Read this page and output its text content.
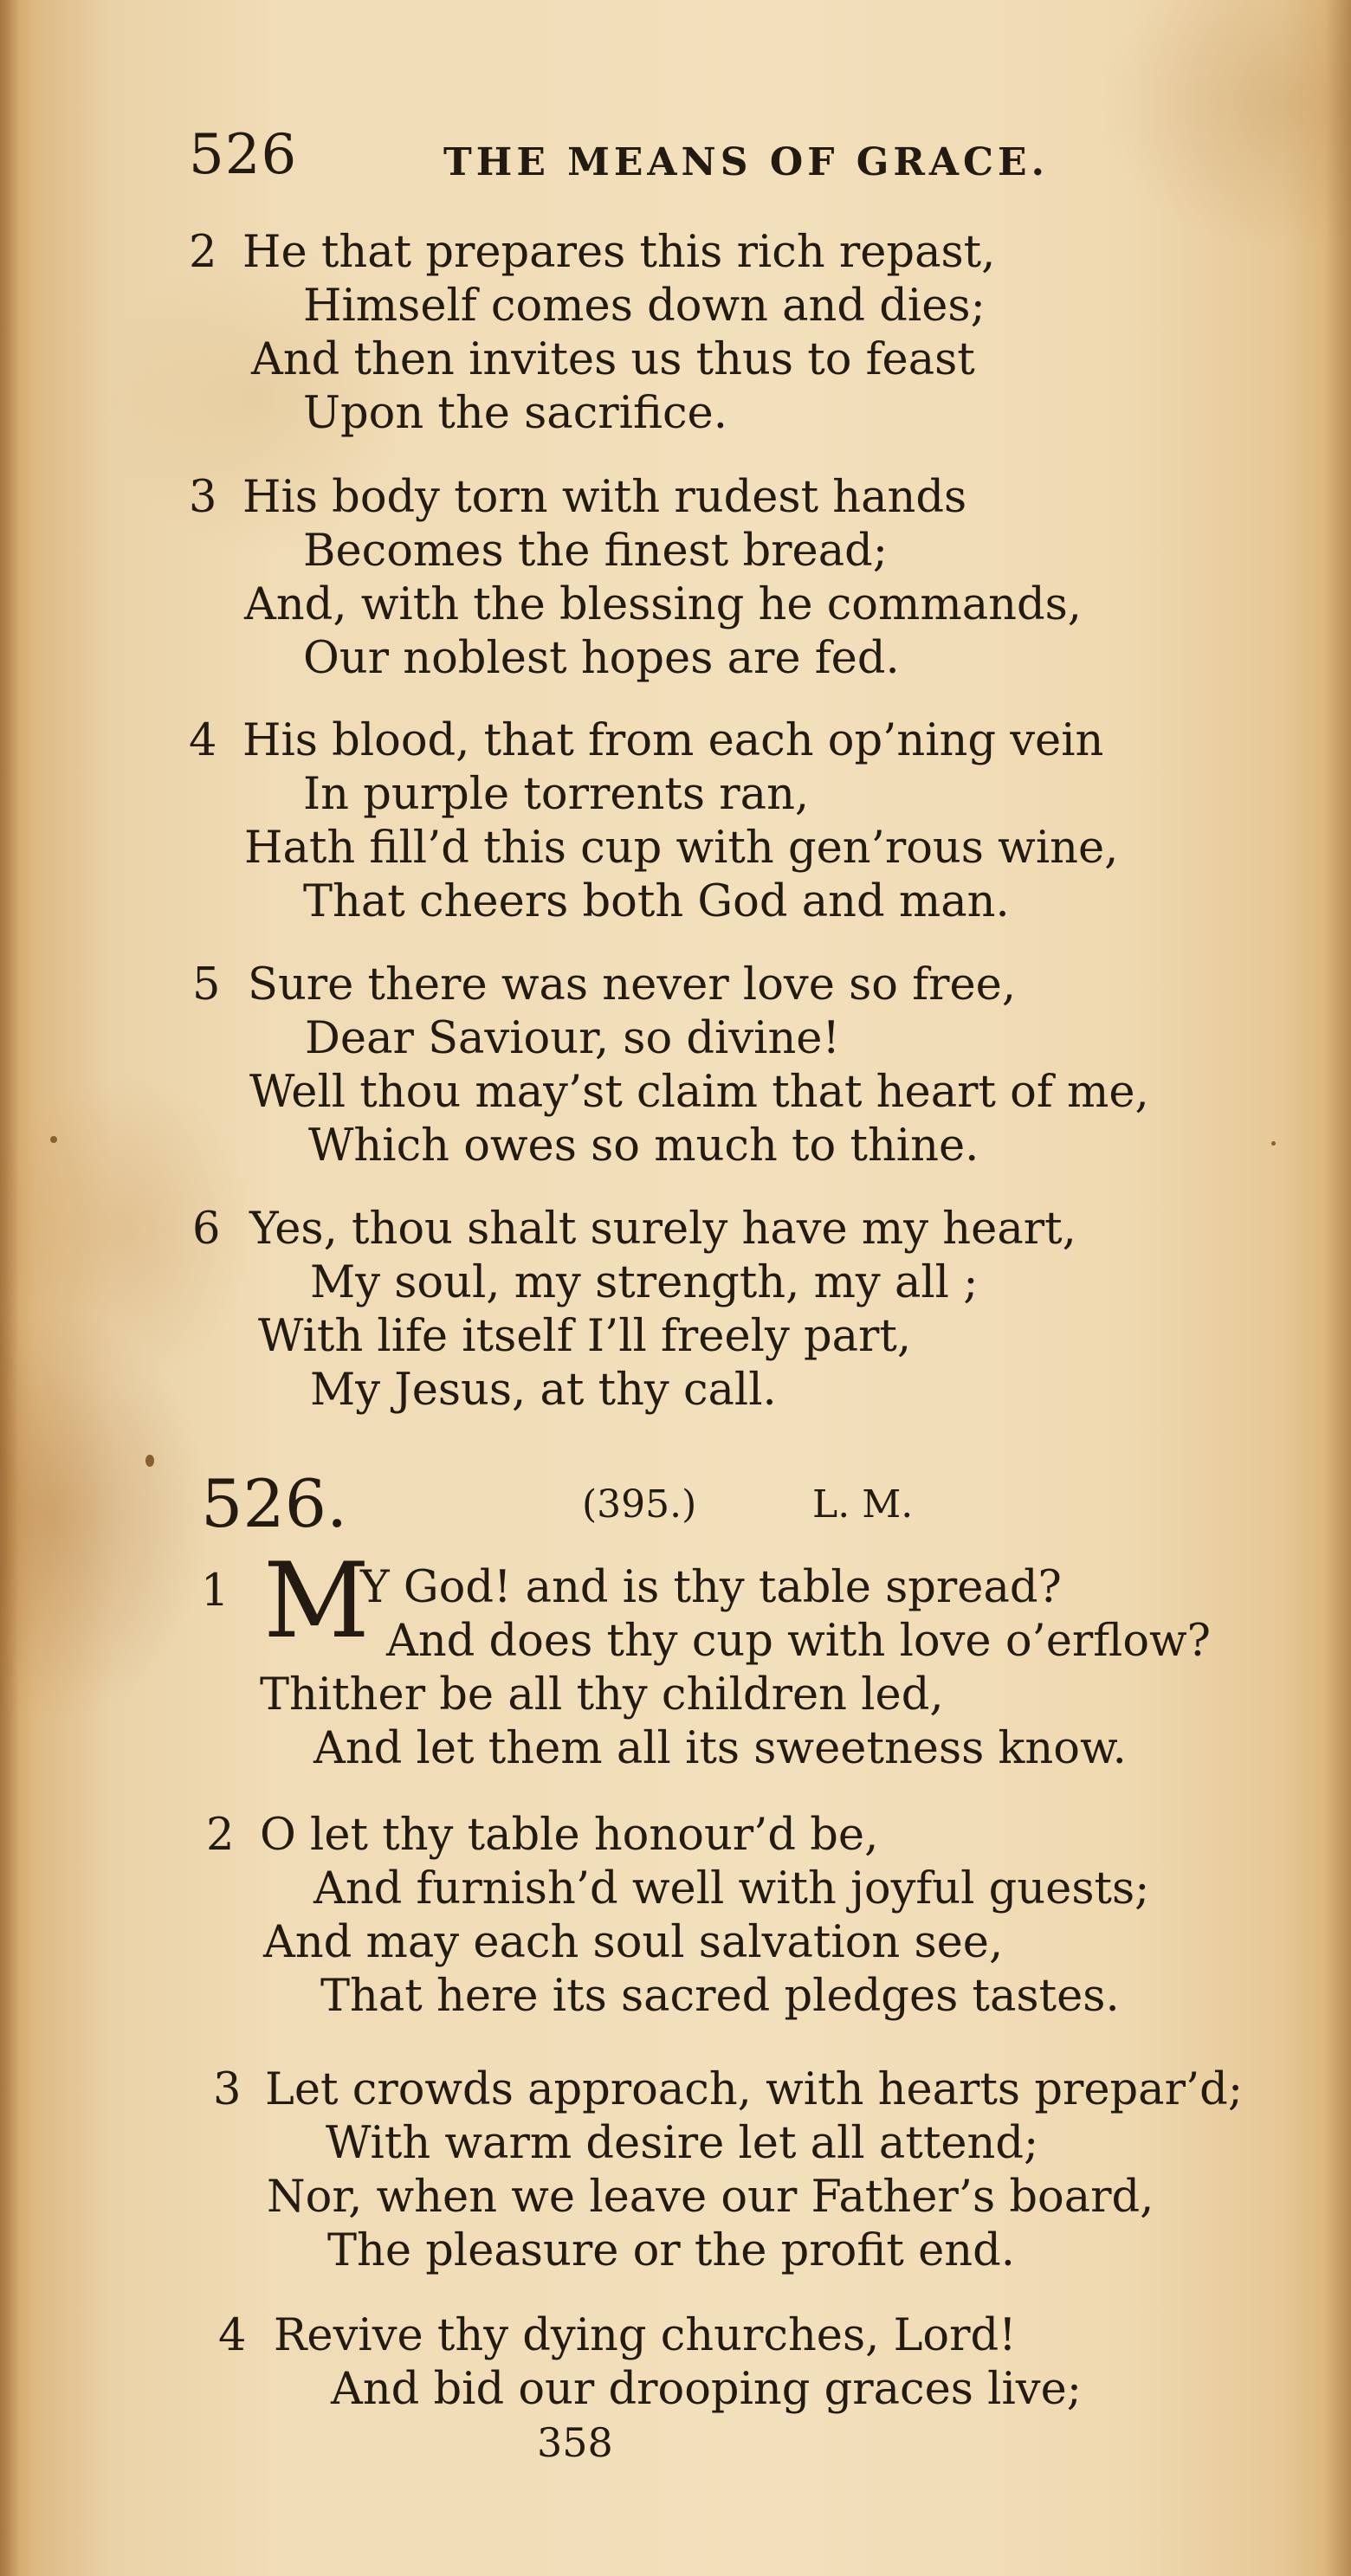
526	THE MEANS OF GRACE.
2 He that prepares this rich repast,
Himself comes down and dies;
And then invites us thus to feast
Upon the sacrifice.
3 His body torn with rudest hands
Becomes the finest bread;
And, with the blessing he commands,
Our noblest hopes are fed.
4 His blood, that from each op’ning vein
In purple torrents ran,
Hath fill’d this cup with gen’rous wine,
That cheers both God and man.
5 Sure there was never love so free,
Dear Saviour, so divine!
Well thou may’st claim that heart of me,
Which owes so much to thine.
6 Yes, thou shalt surely have my heart,
My soul, my strength, my all ;
With life itself I’ll freely part,
My Jesus, at thy call.
526.	(395.)	L. M.
1 M
Y God! and is thy table spread?
And does thy cup with love o’erflow?
Thither be all thy children led,
And let them all its sweetness know.
2 O let thy table honour’d be,
And furnish’d well with joyful guests;
And may each soul salvation see,
That here its sacred pledges tastes.
3 Let crowds approach, with hearts prepar’d;
With warm desire let all attend;
Nor, when we leave our Father’s board,
The pleasure or the profit end.
4 Revive thy dying churches, Lord!
And bid our drooping graces live;
358
